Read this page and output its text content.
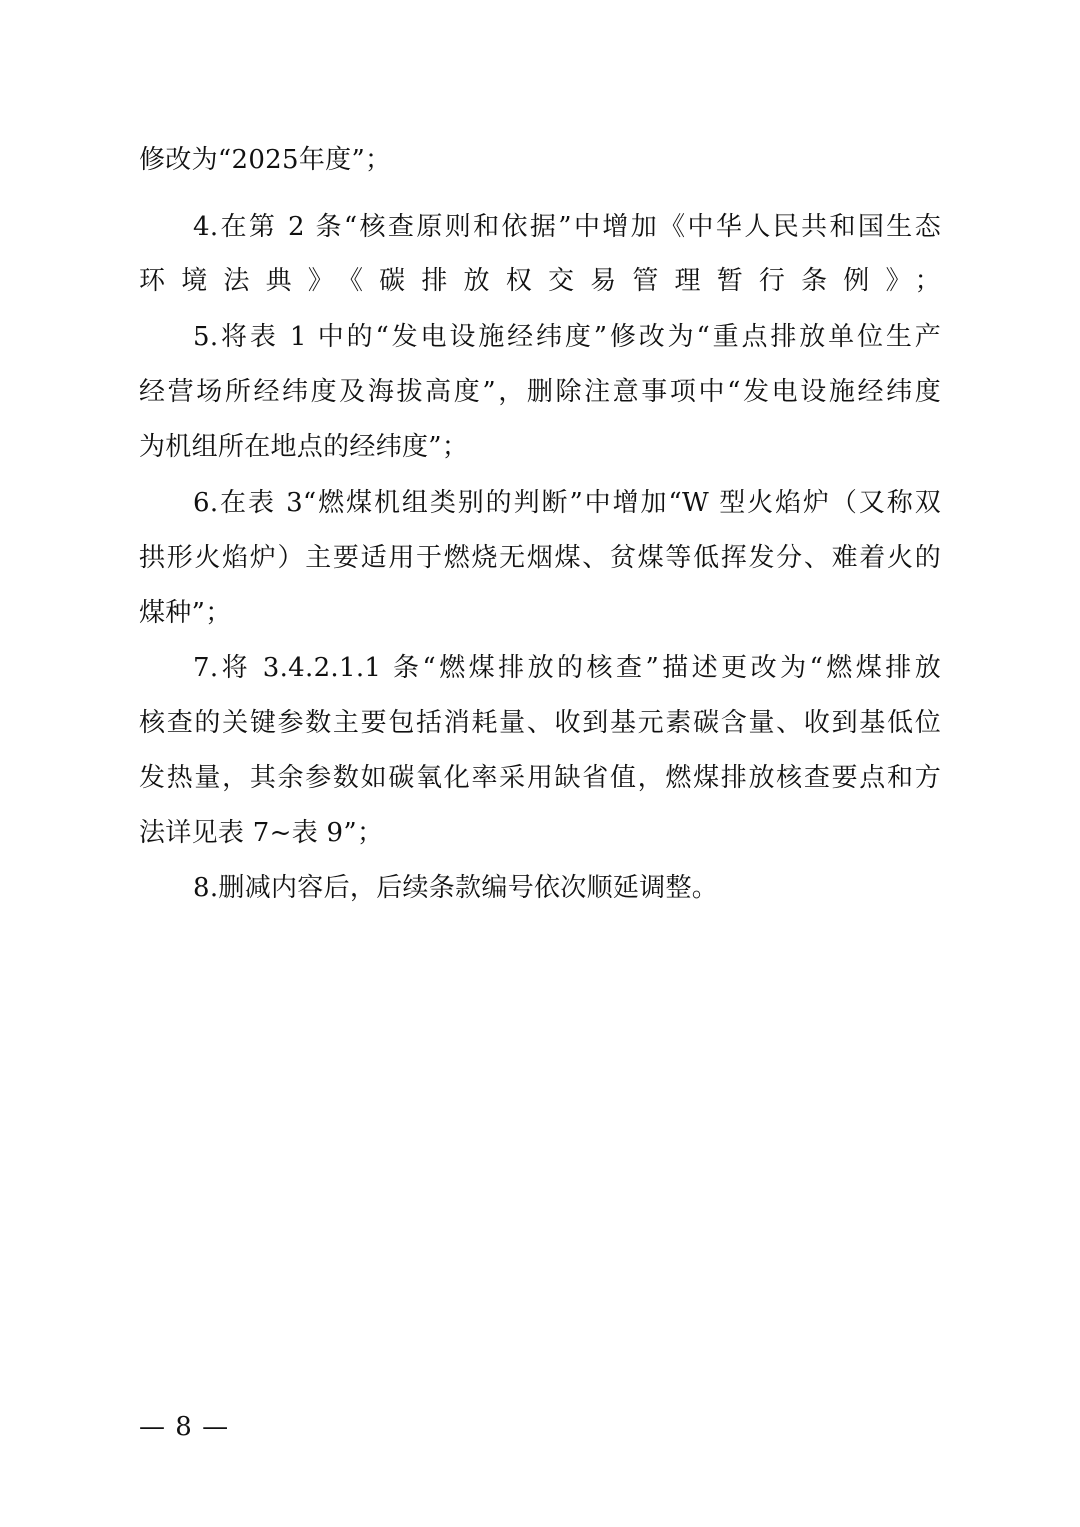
修改为“2025年度”；
4.在第 2 条“核查原则和依据”中增加《中华人民共和国生态
环境法典》《碳排放权交易管理暂行条例》；
5.将表 1 中的“发电设施经纬度”修改为“重点排放单位生产
经营场所经纬度及海拔高度”，删除注意事项中“发电设施经纬度
为机组所在地点的经纬度”；
6.在表 3“燃煤机组类别的判断”中增加“W 型火焰炉（又称双
拱形火焰炉）主要适用于燃烧无烟煤、贫煤等低挥发分、难着火的
煤种”；
7.将 3.4.2.1.1 条“燃煤排放的核查”描述更改为“燃煤排放
核查的关键参数主要包括消耗量、收到基元素碳含量、收到基低位
发热量，其余参数如碳氧化率采用缺省值，燃煤排放核查要点和方
法详见表 7~表 9”；
8.删减内容后，后续条款编号依次顺延调整。
— 8 —
